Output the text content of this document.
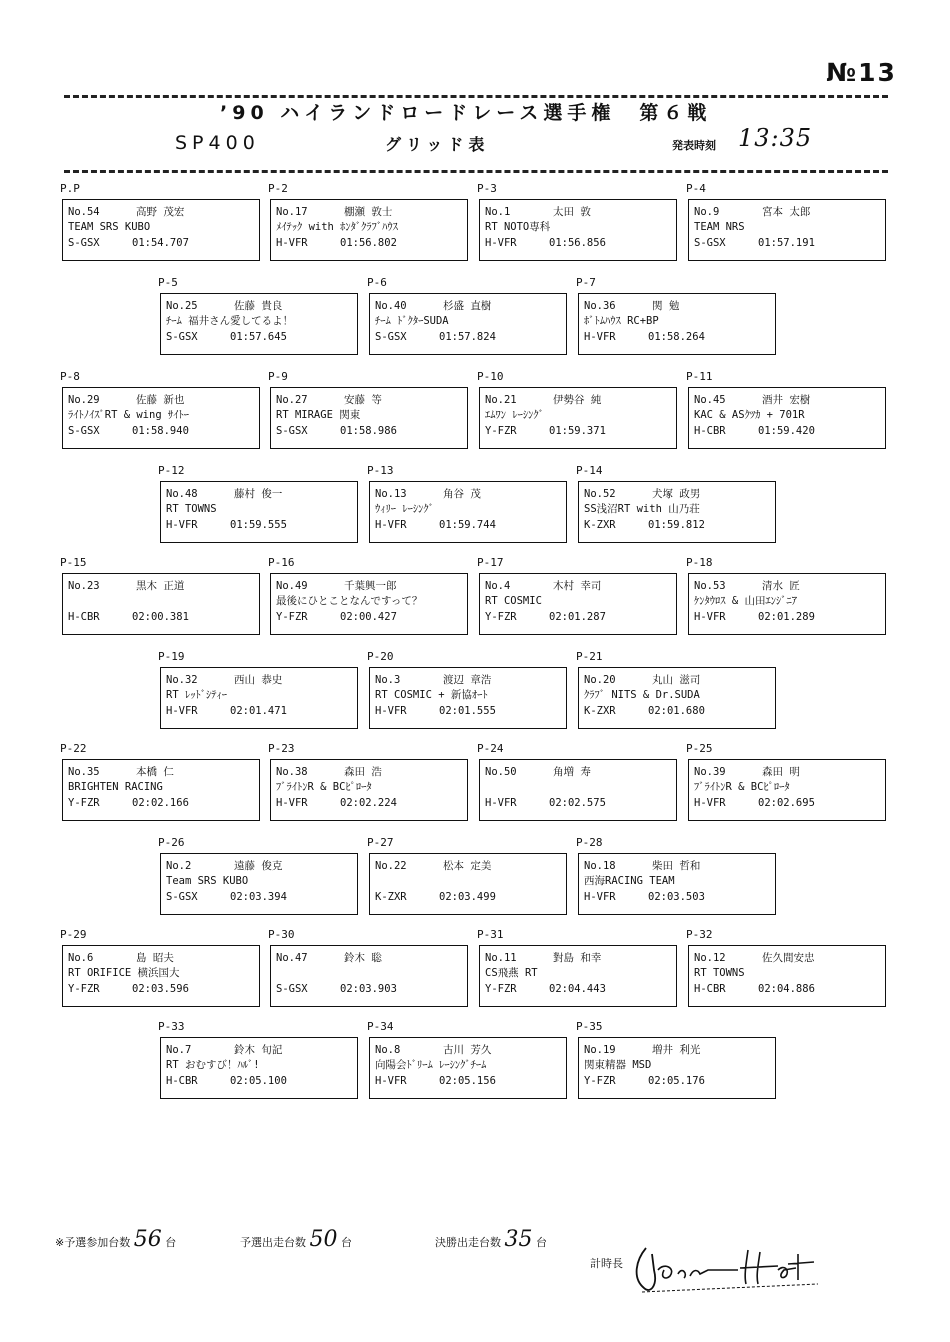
№13
’90 ハイランドロードレース選手権　第６戦
SP400	グリッド表	発表時刻 13:35
P.P
No.54	高野 茂宏
TEAM SRS KUBO
S-GSX	01:54.707
P-2
No.17	棚瀬 敦士
ﾒｲﾃｯｸ with ﾎﾝﾀﾞｸﾗﾌﾞﾊｳｽ
H-VFR	01:56.802
P-3
No.1	太田 敦
RT NOTO専科
H-VFR	01:56.856
P-4
No.9	宮本 太郎
TEAM NRS
S-GSX	01:57.191
P-5
No.25	佐藤 貴良
ﾁｰﾑ 福井さん愛してるよ！
S-GSX	01:57.645
P-6
No.40	杉盛 直樹
ﾁｰﾑ ﾄﾞｸﾀｰSUDA
S-GSX	01:57.824
P-7
No.36	関 勉
ﾎﾞﾄﾑﾊｳｽ RC+BP
H-VFR	01:58.264
P-8
No.29	佐藤 新也
ﾗｲﾄﾉｲｽﾞRT & wing ｻｲﾄｰ
S-GSX	01:58.940
P-9
No.27	安藤 等
RT MIRAGE 関東
S-GSX	01:58.986
P-10
No.21	伊勢谷 純
ｴﾑﾜﾝ ﾚｰｼﾝｸﾞ
Y-FZR	01:59.371
P-11
No.45	酒井 宏樹
KAC & ASｸﾂｶ + 701R
H-CBR	01:59.420
P-12
No.48	藤村 俊一
RT TOWNS
H-VFR	01:59.555
P-13
No.13	角谷 茂
ｳｨﾘｰ ﾚｰｼﾝｸﾞ
H-VFR	01:59.744
P-14
No.52	犬塚 政男
SS浅沼RT with 山乃荘
K-ZXR	01:59.812
P-15
No.23	黒木 正道
H-CBR	02:00.381
P-16
No.49	千葉興一郎
最後にひとことなんですって？
Y-FZR	02:00.427
P-17
No.4	木村 幸司
RT COSMIC
Y-FZR	02:01.287
P-18
No.53	清水 匠
ｹﾝﾀｳﾛｽ & 山田ｴﾝｼﾞﾆｱ
H-VFR	02:01.289
P-19
No.32	西山 恭史
RT ﾚｯﾄﾞｼﾃｨｰ
H-VFR	02:01.471
P-20
No.3	渡辺 章浩
RT COSMIC + 新協ｵｰﾄ
H-VFR	02:01.555
P-21
No.20	丸山 滋司
ｸﾗﾌﾞ NITS & Dr.SUDA
K-ZXR	02:01.680
P-22
No.35	本橋 仁
BRIGHTEN RACING
Y-FZR	02:02.166
P-23
No.38	森田 浩
ﾌﾞﾗｲﾄﾝR & BCﾋﾟﾛｰﾀ
H-VFR	02:02.224
P-24
No.50	角増 寿
H-VFR	02:02.575
P-25
No.39	森田 明
ﾌﾞﾗｲﾄﾝR & BCﾋﾟﾛｰﾀ
H-VFR	02:02.695
P-26
No.2	遠藤 俊克
Team SRS KUBO
S-GSX	02:03.394
P-27
No.22	松本 定美
K-ZXR	02:03.499
P-28
No.18	柴田 哲和
西海RACING TEAM
H-VFR	02:03.503
P-29
No.6	島 昭夫
RT ORIFICE 横浜国大
Y-FZR	02:03.596
P-30
No.47	鈴木 聡
S-GSX	02:03.903
P-31
No.11	對島 和幸
CS飛燕 RT
Y-FZR	02:04.443
P-32
No.12	佐久間安忠
RT TOWNS
H-CBR	02:04.886
P-33
No.7	鈴木 旬記
RT おむすび！ﾊﾙﾞ!
H-CBR	02:05.100
P-34
No.8	古川 芳久
向陽会ﾄﾞﾘｰﾑ ﾚｰｼﾝｸﾞﾁｰﾑ
H-VFR	02:05.156
P-35
No.19	増井 利光
関東精器 MSD
Y-FZR	02:05.176
※予選参加台数 56 台	予選出走台数 50 台	決勝出走台数 35 台
計時長
